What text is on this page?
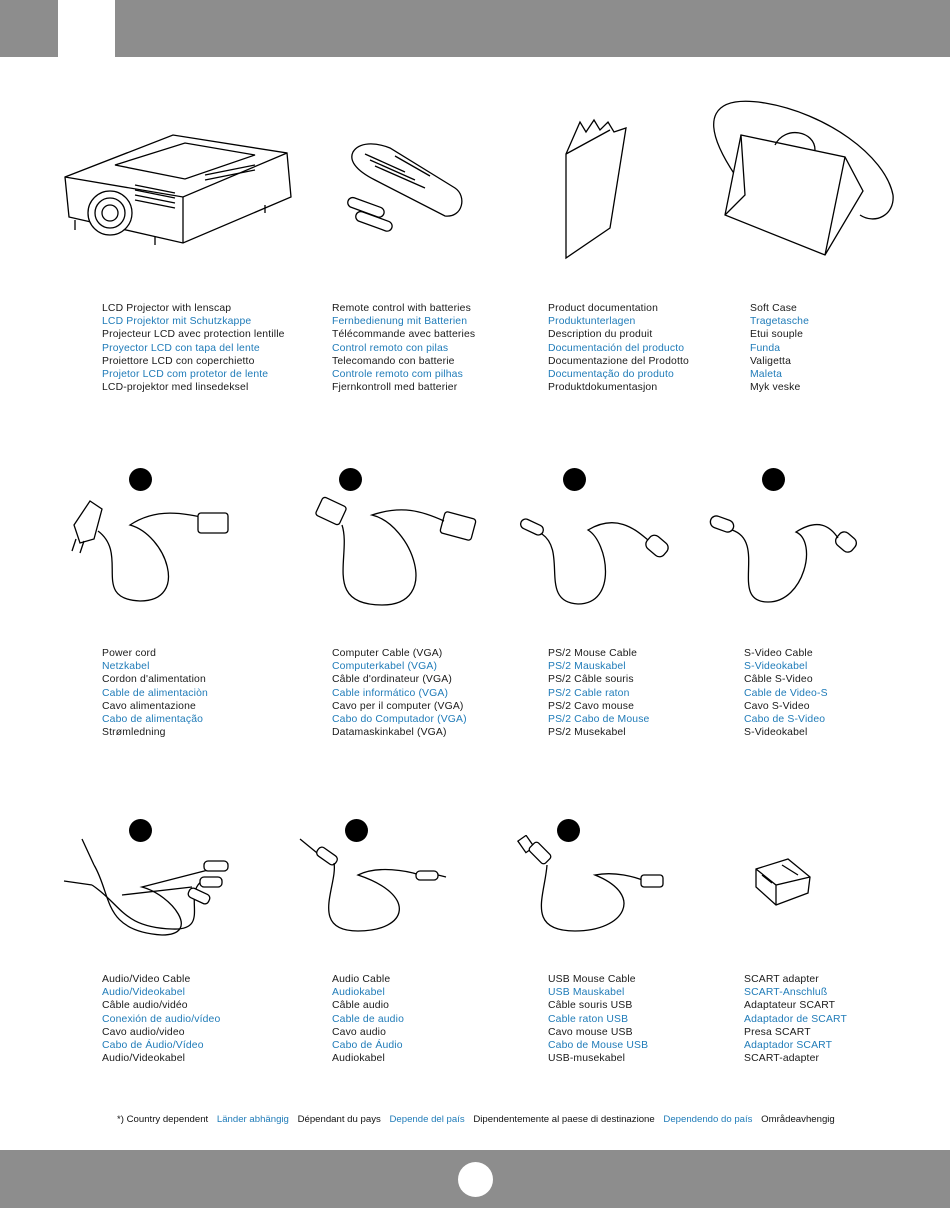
LCD Projector with lenscap
LCD Projektor mit Schutzkappe
Projecteur LCD avec protection lentille
Proyector LCD con tapa del lente
Proiettore LCD con coperchietto
Projetor LCD com protetor de lente
LCD-projektor med linsedeksel
Remote control with batteries
Fernbedienung mit Batterien
Télécommande avec batteries
Control remoto con pilas
Telecomando con batterie
Controle remoto com pilhas
Fjernkontroll med batterier
Product documentation
Produktunterlagen
Description du produit
Documentación del producto
Documentazione del Prodotto
Documentação do produto
Produktdokumentasjon
Soft Case
Tragetasche
Etui souple
Funda
Valigetta
Maleta
Myk veske
Power cord
Netzkabel
Cordon d'alimentation
Cable de alimentaciòn
Cavo alimentazione
Cabo de alimentação
Strømledning
Computer Cable (VGA)
Computerkabel (VGA)
Câble d'ordinateur (VGA)
Cable informático (VGA)
Cavo per il computer (VGA)
Cabo do Computador (VGA)
Datamaskinkabel (VGA)
PS/2 Mouse Cable
PS/2 Mauskabel
PS/2 Câble souris
PS/2 Cable raton
PS/2 Cavo mouse
PS/2 Cabo de Mouse
PS/2 Musekabel
S-Video Cable
S-Videokabel
Câble S-Video
Cable de Video-S
Cavo S-Video
Cabo de S-Video
S-Videokabel
Audio/Video Cable
Audio/Videokabel
Câble audio/vidéo
Conexión de audio/vídeo
Cavo audio/video
Cabo de Áudio/Vídeo
Audio/Videokabel
Audio Cable
Audiokabel
Câble audio
Cable de audio
Cavo audio
Cabo de Áudio
Audiokabel
USB Mouse Cable
USB Mauskabel
Câble souris USB
Cable raton USB
Cavo mouse USB
Cabo de Mouse USB
USB-musekabel
SCART adapter
SCART-Anschluß
Adaptateur SCART
Adaptador de SCART
Presa SCART
Adaptador SCART
SCART-adapter
*) Country dependent Länder abhängig Dépendant du pays Depende del país Dipendentemente al paese di destinazione Dependendo do país Områdeavhengig
